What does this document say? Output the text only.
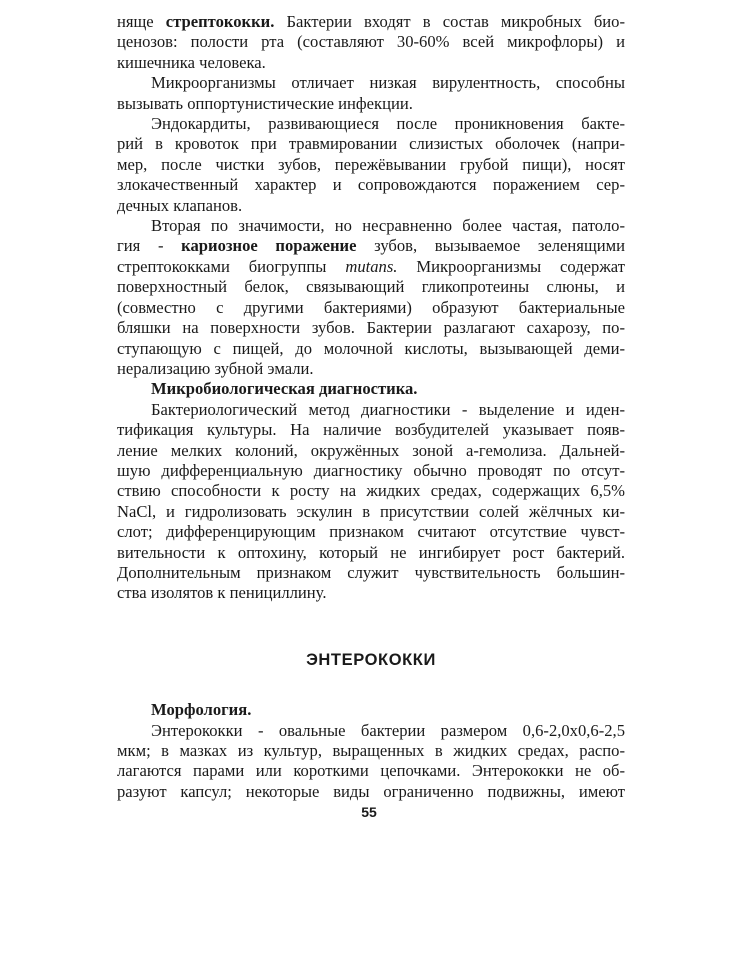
няще стрептококки. Бактерии входят в состав микробных био-
ценозов: полости рта (составляют 30-60% всей микрофлоры) и
кишечника человека.

Микроорганизмы отличает низкая вирулентность, способны
вызывать оппортунистические инфекции.

Эндокардиты, развивающиеся после проникновения бакте-
рий в кровоток при травмировании слизистых оболочек (напри-
мер, после чистки зубов, пережёвывании грубой пищи), носят
злокачественный характер и сопровождаются поражением сер-
дечных клапанов.

Вторая по значимости, но несравненно более частая, патоло-
гия - кариозное поражение зубов, вызываемое зеленящими
стрептококками биогруппы mutans. Микроорганизмы содержат
поверхностный белок, связывающий гликопротеины слюны, и
(совместно с другими бактериями) образуют бактериальные
бляшки на поверхности зубов. Бактерии разлагают сахарозу, по-
ступающую с пищей, до молочной кислоты, вызывающей деми-
нерализацию зубной эмали.

Микробиологическая диагностика.

Бактериологический метод диагностики - выделение и иден-
тификация культуры. На наличие возбудителей указывает появ-
ление мелких колоний, окружённых зоной а-гемолиза. Дальней-
шую дифференциальную диагностику обычно проводят по отсут-
ствию способности к росту на жидких средах, содержащих 6,5%
NaCl, и гидролизовать эскулин в присутствии солей жёлчных ки-
слот; дифференцирующим признаком считают отсутствие чувст-
вительности к оптохину, который не ингибирует рост бактерий.
Дополнительным признаком служит чувствительность большин-
ства изолятов к пенициллину.

ЭНТЕРОКОККИ

Морфология.

Энтерококки - овальные бактерии размером 0,6-2,0х0,6-2,5
мкм; в мазках из культур, выращенных в жидких средах, распо-
лагаются парами или короткими цепочками. Энтерококки не об-
разуют капсул; некоторые виды ограниченно подвижны, имеют

55
